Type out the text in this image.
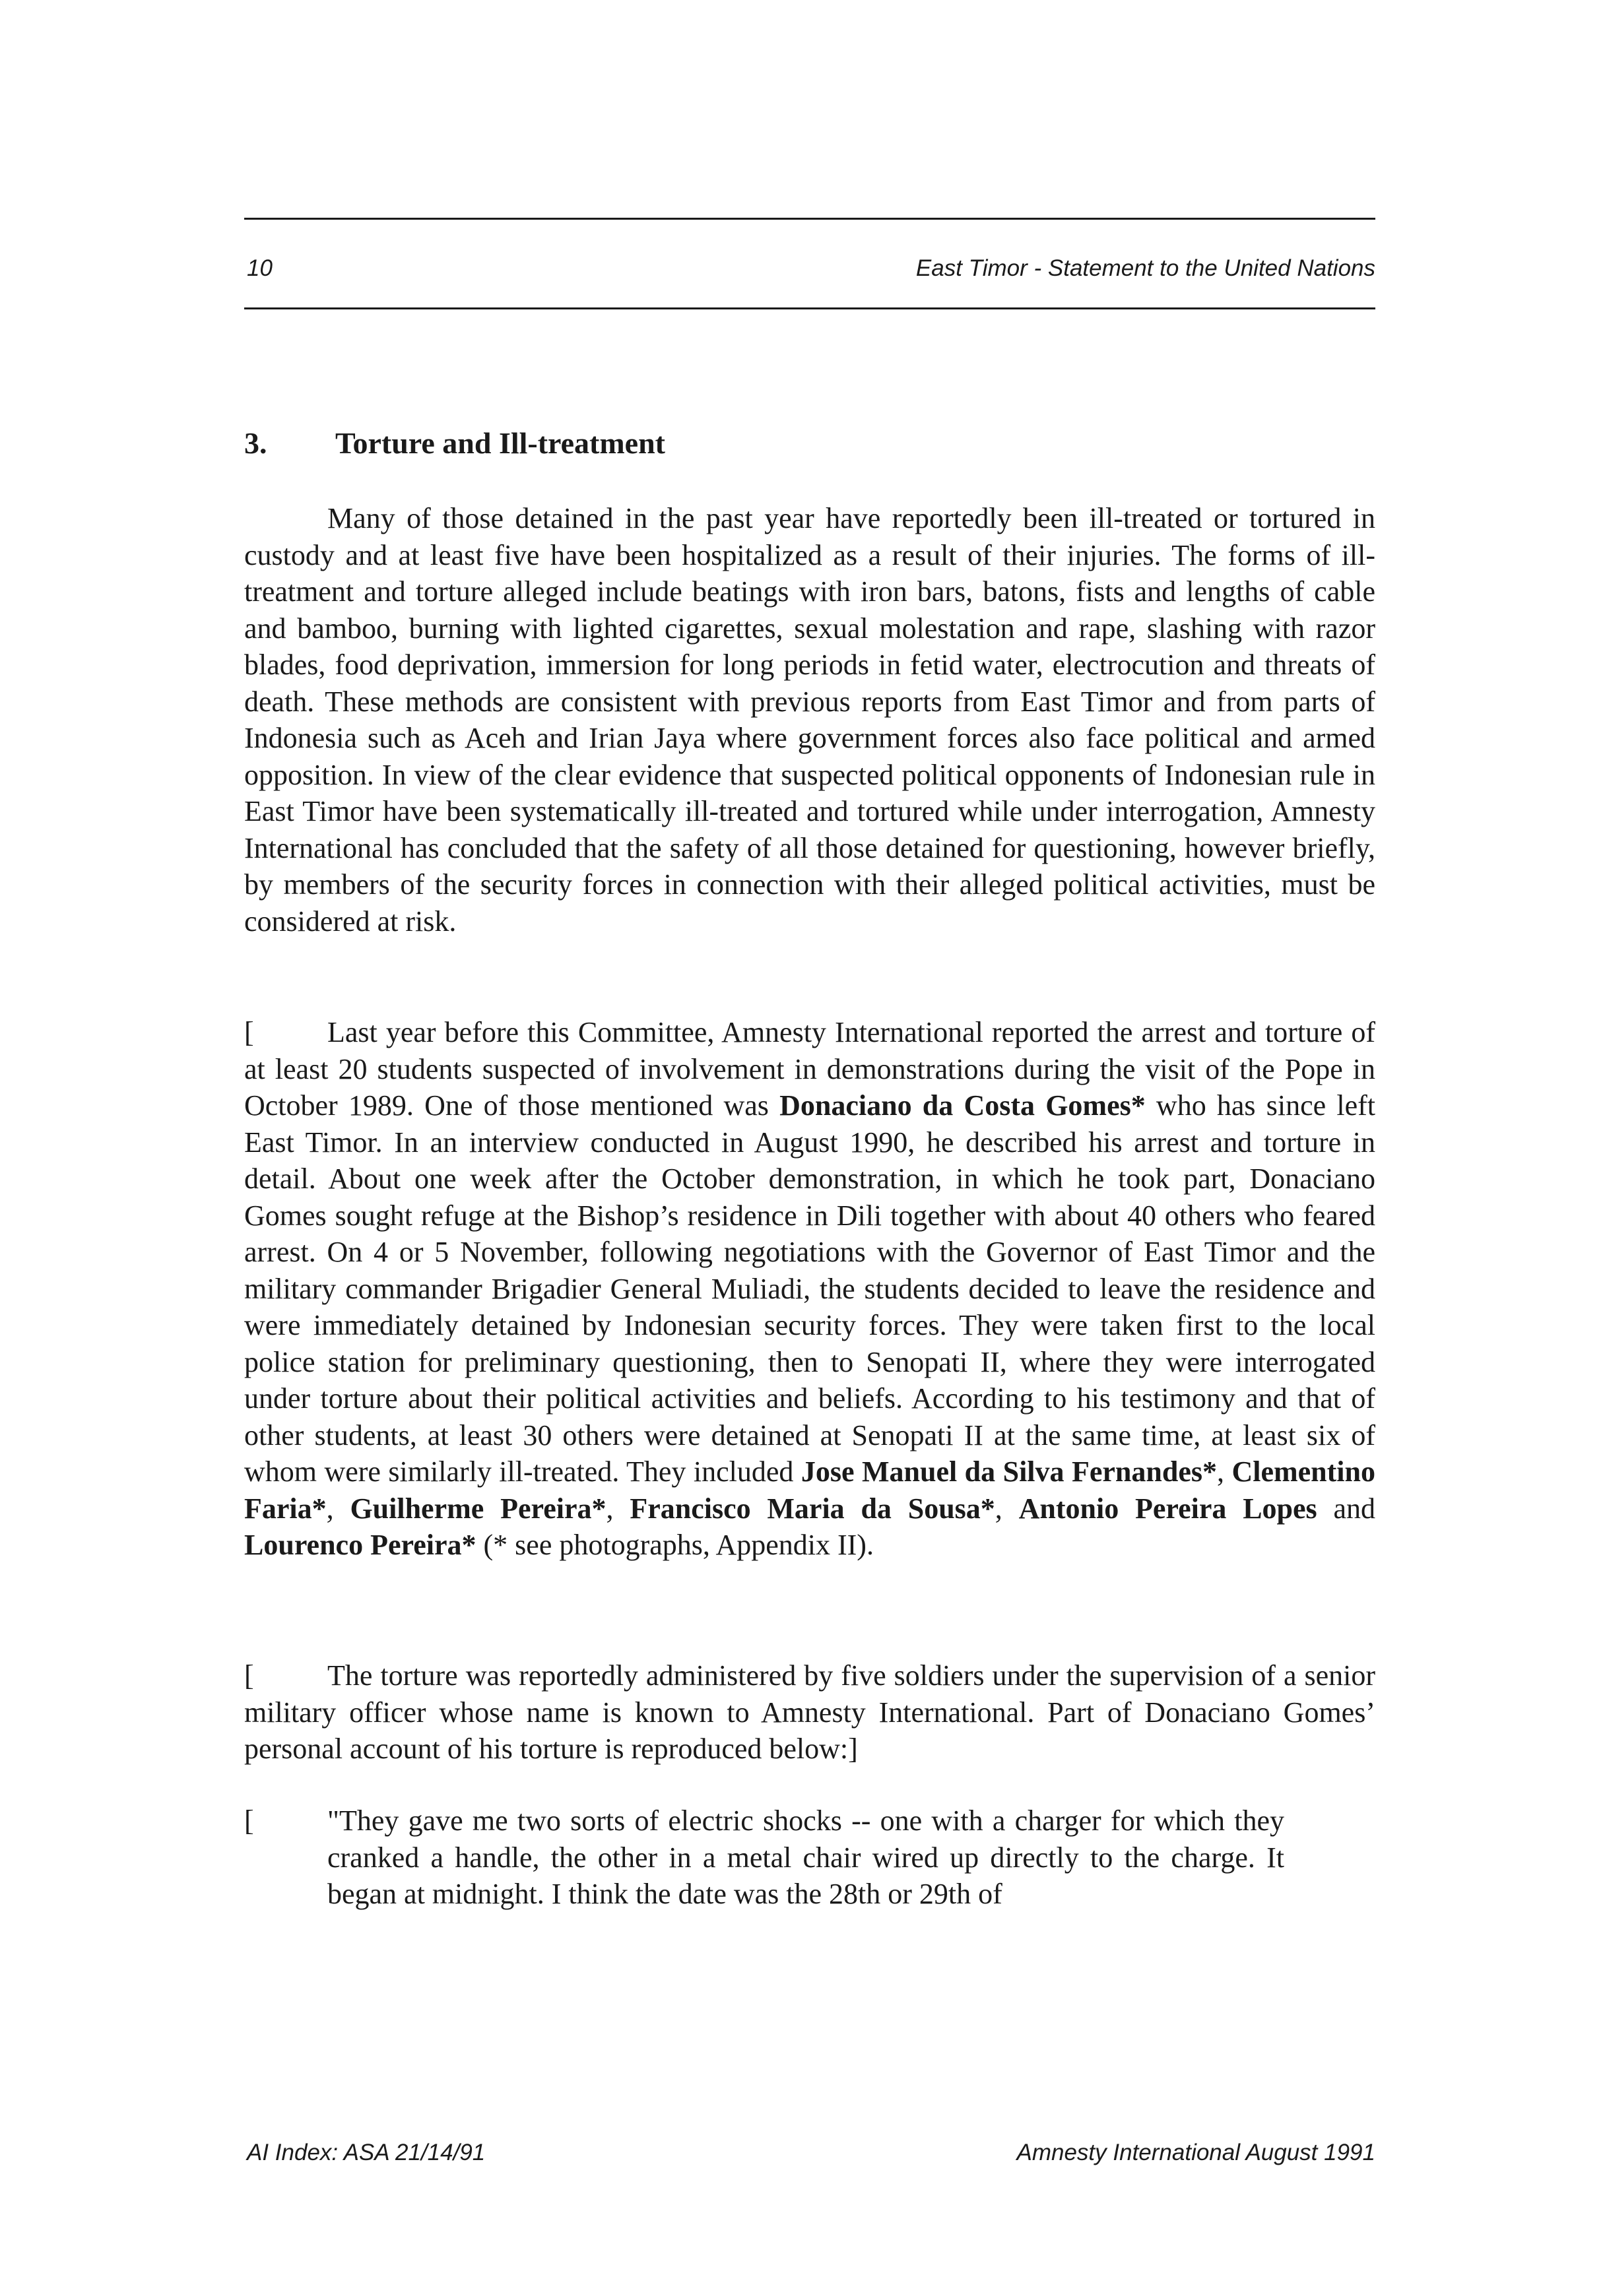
10	East Timor - Statement to the United Nations
3. Torture and Ill-treatment

Many of those detained in the past year have reportedly been ill-treated or tortured in custody and at least five have been hospitalized as a result of their injuries. The forms of ill-treatment and torture alleged include beatings with iron bars, batons, fists and lengths of cable and bamboo, burning with lighted cigarettes, sexual molestation and rape, slashing with razor blades, food deprivation, immersion for long periods in fetid water, electrocution and threats of death. These methods are consistent with previous reports from East Timor and from parts of Indonesia such as Aceh and Irian Jaya where government forces also face political and armed opposition. In view of the clear evidence that suspected political opponents of Indonesian rule in East Timor have been systematically ill-treated and tortured while under interrogation, Amnesty International has concluded that the safety of all those detained for questioning, however briefly, by members of the security forces in connection with their alleged political activities, must be considered at risk.

[	Last year before this Committee, Amnesty International reported the arrest and torture of at least 20 students suspected of involvement in demonstrations during the visit of the Pope in October 1989. One of those mentioned was Donaciano da Costa Gomes* who has since left East Timor. In an interview conducted in August 1990, he described his arrest and torture in detail. About one week after the October demonstration, in which he took part, Donaciano Gomes sought refuge at the Bishop’s residence in Dili together with about 40 others who feared arrest. On 4 or 5 November, following negotiations with the Governor of East Timor and the military commander Brigadier General Muliadi, the students decided to leave the residence and were immediately detained by Indonesian security forces. They were taken first to the local police station for preliminary questioning, then to Senopati II, where they were interrogated under torture about their political activities and beliefs. According to his testimony and that of other students, at least 30 others were detained at Senopati II at the same time, at least six of whom were similarly ill-treated. They included Jose Manuel da Silva Fernandes*, Clementino Faria*, Guilherme Pereira*, Francisco Maria da Sousa*, Antonio Pereira Lopes and Lourenco Pereira* (* see photographs, Appendix II).

[	The torture was reportedly administered by five soldiers under the supervision of a senior military officer whose name is known to Amnesty International. Part of Donaciano Gomes’ personal account of his torture is reproduced below:]

[	"They gave me two sorts of electric shocks -- one with a charger for which they cranked a handle, the other in a metal chair wired up directly to the charge. It began at midnight. I think the date was the 28th or 29th of
AI Index: ASA 21/14/91	Amnesty International August 1991
